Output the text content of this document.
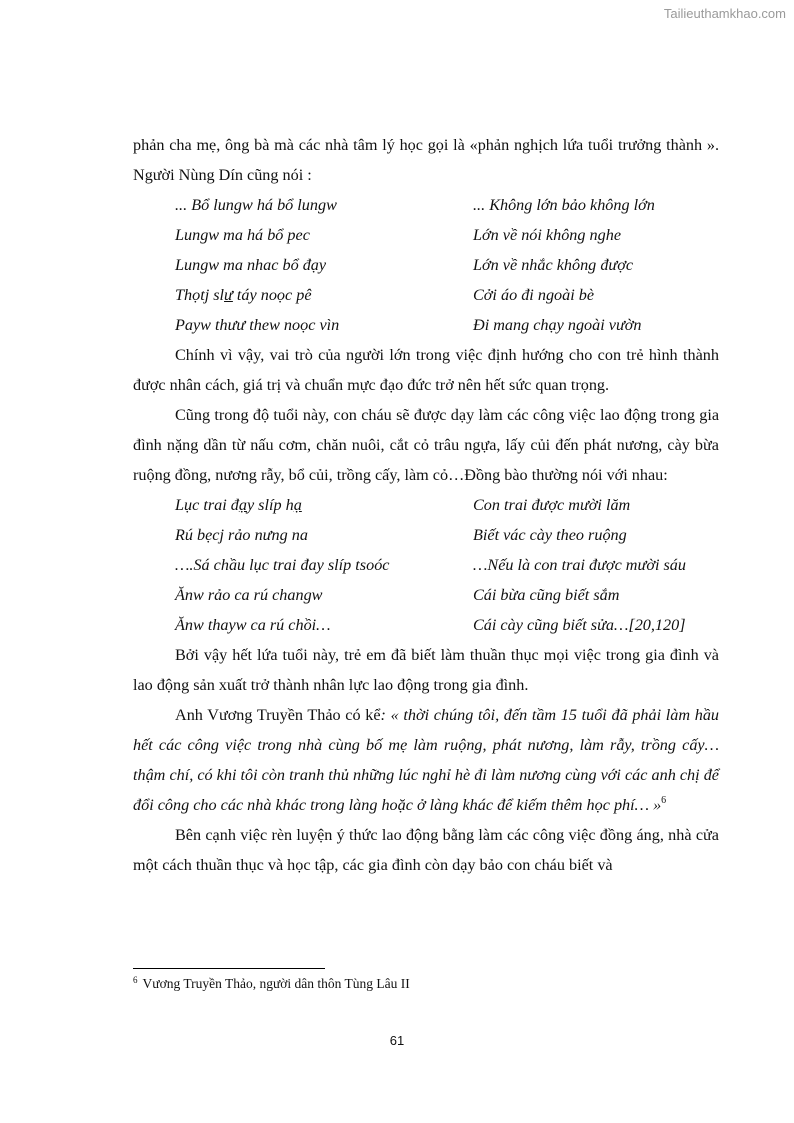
Tailieuthamkhao.com

phản cha mẹ, ông bà mà các nhà tâm lý học gọi là «phản nghịch lứa tuổi trưởng thành ». Người Nùng Dín cũng nói :

... Bổ lungw há bổ lungw	... Không lớn bảo không lớn
Lungw ma há bổ pec	Lớn về nói không nghe
Lungw ma nhac bổ đạy	Lớn về nhắc không được
Thọtj slư táy noọc pê	Cởi áo đi ngoài bè
Payw thưư thew noọc vìn	Đi mang chạy ngoài vườn

Chính vì vậy, vai trò của người lớn trong việc định hướng cho con trẻ hình thành được nhân cách, giá trị và chuẩn mực đạo đức trở nên hết sức quan trọng.

Cũng trong độ tuổi này, con cháu sẽ được dạy làm các công việc lao động trong gia đình nặng dần từ nấu cơm, chăn nuôi, cắt cỏ trâu ngựa, lấy củi đến phát nương, cày bừa ruộng đồng, nương rẫy, bổ củi, trồng cấy, làm cỏ…Đồng bào thường nói với nhau:

Lục trai đạy slíp hạ	Con trai được mười lăm
Rú bẹcj rảo nưng na	Biết vác cày theo ruộng
….Sá chầu lục trai đay slíp tsoóc	…Nếu là con trai được mười sáu
Ănw rảo ca rú changw	Cái bừa cũng biết sắm
Ănw thayw ca rú chồi…	Cái cày cũng biết sửa…[20,120]

Bởi vậy hết lứa tuổi này, trẻ em đã biết làm thuần thục mọi việc trong gia đình và lao động sản xuất trở thành nhân lực lao động trong gia đình.

Anh Vương Truyền Thảo có kể: « thời chúng tôi, đến tầm 15 tuổi đã phải làm hầu hết các công việc trong nhà cùng bố mẹ làm ruộng, phát nương, làm rẫy, trồng cấy… thậm chí, có khi tôi còn tranh thủ những lúc nghỉ hè đi làm nương cùng với các anh chị để đổi công cho các nhà khác trong làng hoặc ở làng khác để kiếm thêm học phí… »$^6$

Bên cạnh việc rèn luyện ý thức lao động bằng làm các công việc đồng áng, nhà cửa một cách thuần thục và học tập, các gia đình còn dạy bảo con cháu biết và

$^6$ Vương Truyền Thảo, người dân thôn Tùng Lâu II
61
